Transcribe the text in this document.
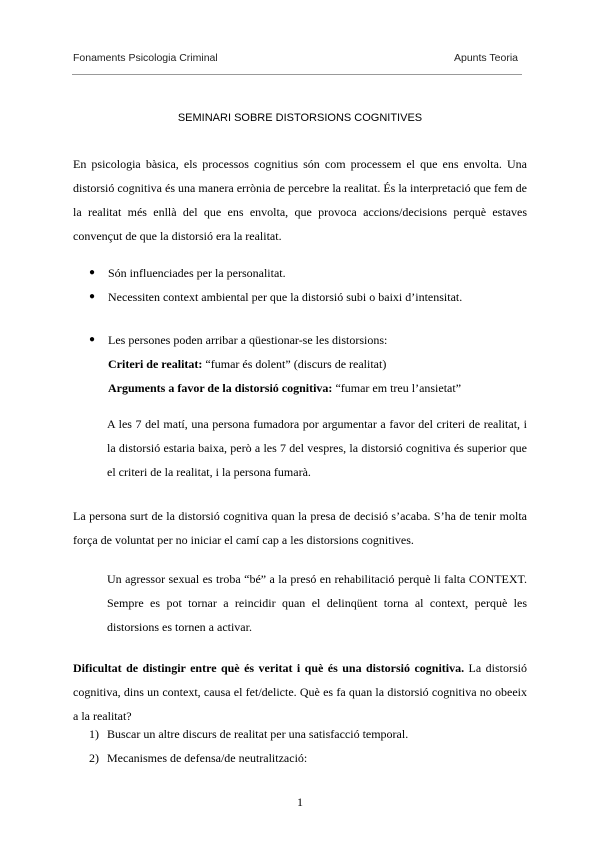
Fonaments Psicologia Criminal	Apunts Teoria
SEMINARI SOBRE DISTORSIONS COGNITIVES

En psicologia bàsica, els processos cognitius són com processem el que ens envolta. Una distorsió cognitiva és una manera errònia de percebre la realitat. És la interpretació que fem de la realitat més enllà del que ens envolta, que provoca accions/decisions perquè estaves convençut de que la distorsió era la realitat.

● Són influenciades per la personalitat.
● Necessiten context ambiental per que la distorsió subi o baixi d’intensitat.
● Les persones poden arribar a qüestionar-se les distorsions:
Criteri de realitat: “fumar és dolent” (discurs de realitat)
Arguments a favor de la distorsió cognitiva: “fumar em treu l’ansietat”

A les 7 del matí, una persona fumadora por argumentar a favor del criteri de realitat, i la distorsió estaria baixa, però a les 7 del vespres, la distorsió cognitiva és superior que el criteri de la realitat, i la persona fumarà.

La persona surt de la distorsió cognitiva quan la presa de decisió s’acaba. S’ha de tenir molta força de voluntat per no iniciar el camí cap a les distorsions cognitives.

Un agressor sexual es troba “bé” a la presó en rehabilitació perquè li falta CONTEXT. Sempre es pot tornar a reincidir quan el delinqüent torna al context, perquè les distorsions es tornen a activar.

Dificultat de distingir entre què és veritat i què és una distorsió cognitiva. La distorsió cognitiva, dins un context, causa el fet/delicte. Què es fa quan la distorsió cognitiva no obeeix a la realitat?

1) Buscar un altre discurs de realitat per una satisfacció temporal.
2) Mecanismes de defensa/de neutralització:
1
